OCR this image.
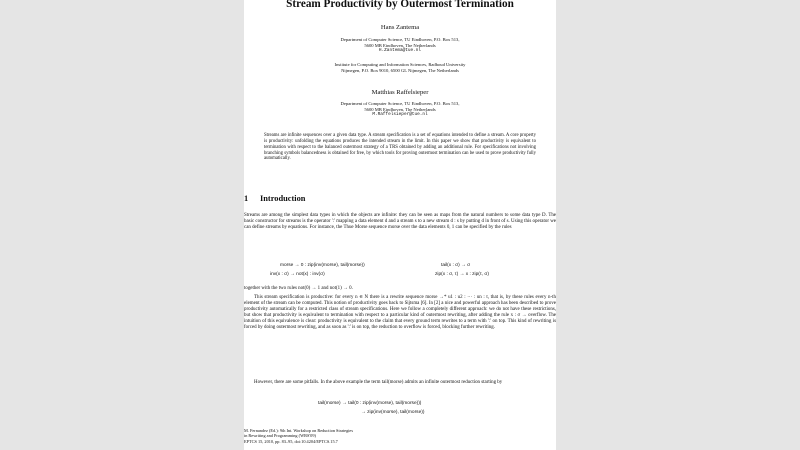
Stream Productivity by Outermost Termination
Hans Zantema
Department of Computer Science, TU Eindhoven, P.O. Box 513,
5600 MB Eindhoven, The Netherlands
H.Zantema@tue.nl
Institute for Computing and Information Sciences, Radboud University
Nijmegen, P.O. Box 9010, 6500 GL Nijmegen, The Netherlands
Matthias Raffelsieper
Department of Computer Science, TU Eindhoven, P.O. Box 513,
5600 MB Eindhoven, The Netherlands
M.Raffelsieper@tue.nl
Streams are infinite sequences over a given data type. A stream specification is a set of equations intended to define a stream. A core property is productivity: unfolding the equations produces the intended stream in the limit. In this paper we show that productivity is equivalent to termination with respect to the balanced outermost strategy of a TRS obtained by adding an additional rule. For specifications not involving branching symbols balancedness is obtained for free, by which tools for proving outermost termination can be used to prove productivity fully automatically.
1 Introduction
Streams are among the simplest data types in which the objects are infinite: they can be seen as maps from the natural numbers to some data type D. The basic constructor for streams is the operator ':' mapping a data element d and a stream s to a new stream d : s by putting d in front of s. Using this operator we can define streams by equations. For instance, the Thue Morse sequence morse over the data elements 0, 1 can be specified by the rules
morse → 0 : zip(inv(morse), tail(morse))	tail(x : σ) → σ
inv(x : σ) → not(x) : inv(σ)	zip(x : σ, τ) → x : zip(τ, σ)
together with the two rules not(0) → 1 and not(1) → 0.
This stream specification is productive: for every n ∈ N there is a rewrite sequence morse →* u1 : u2 : ··· : un : t, that is, by these rules every n-th element of the stream can be computed. This notion of productivity goes back to Sijtsma [6]. In [2] a nice and powerful approach has been described to prove productivity automatically for a restricted class of stream specifications. Here we follow a completely different approach: we do not have these restrictions, but show that productivity is equivalent to termination with respect to a particular kind of outermost rewriting, after adding the rule x : σ → overflow. The intuition of this equivalence is clear: productivity is equivalent to the claim that every ground term rewrites to a term with ':' on top. This kind of rewriting is forced by doing outermost rewriting, and as soon as ':' is on top, the reduction to overflow is forced, blocking further rewriting.
However, there are some pitfalls. In the above example the term tail(morse) admits an infinite outermost reduction starting by
tail(morse) → tail(0 : zip(inv(morse), tail(morse)))
→ zip(inv(morse), tail(morse))
M. Fernandez (Ed.): 9th Int. Workshop on Reduction Strategies
in Rewriting and Programming (WRS'09)
EPTCS 15, 2010, pp. 83–95, doi:10.4204/EPTCS.15.7
